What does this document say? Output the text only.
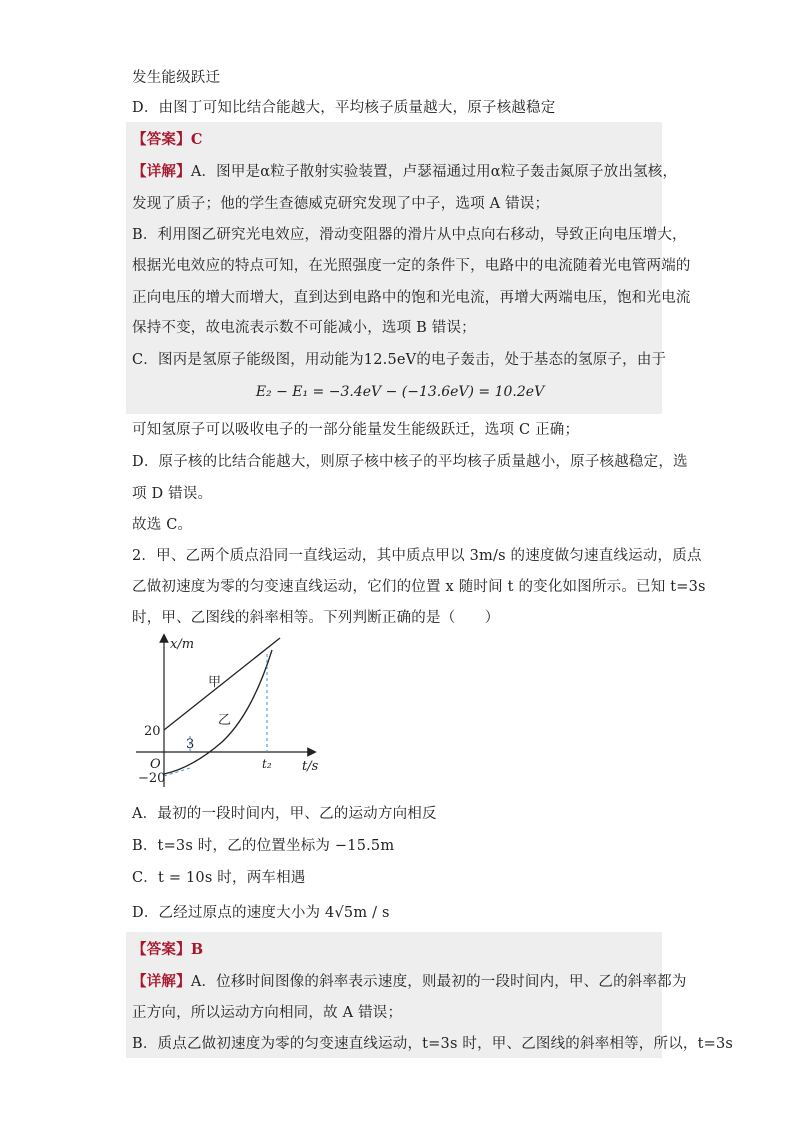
发生能级跃迁
D．由图丁可知比结合能越大，平均核子质量越大，原子核越稳定
【答案】C
【详解】A．图甲是α粒子散射实验装置，卢瑟福通过用α粒子轰击氮原子放出氢核，
发现了质子；他的学生查德威克研究发现了中子，选项 A 错误；
B．利用图乙研究光电效应，滑动变阻器的滑片从中点向右移动，导致正向电压增大，
根据光电效应的特点可知，在光照强度一定的条件下，电路中的电流随着光电管两端的
正向电压的增大而增大，直到达到电路中的饱和光电流，再增大两端电压，饱和光电流
保持不变，故电流表示数不可能减小，选项 B 错误；
C．图丙是氢原子能级图，用动能为12.5eV的电子轰击，处于基态的氢原子，由于
E₂ − E₁ = −3.4eV − (−13.6eV) = 10.2eV
可知氢原子可以吸收电子的一部分能量发生能级跃迁，选项 C 正确；
D．原子核的比结合能越大，则原子核中核子的平均核子质量越小，原子核越稳定，选
项 D 错误。
故选 C。
2．甲、乙两个质点沿同一直线运动，其中质点甲以 3m/s 的速度做匀速直线运动，质点
乙做初速度为零的匀变速直线运动，它们的位置 x 随时间 t 的变化如图所示。已知 t=3s
时，甲、乙图线的斜率相等。下列判断正确的是（　　）
x/m
t/s
O
20
−20
3
t₂
甲
乙
A．最初的一段时间内，甲、乙的运动方向相反
B．t=3s 时，乙的位置坐标为 −15.5m
C．t = 10s 时，两车相遇
D．乙经过原点的速度大小为 4√5m / s
【答案】B
【详解】A．位移时间图像的斜率表示速度，则最初的一段时间内，甲、乙的斜率都为
正方向，所以运动方向相同，故 A 错误；
B．质点乙做初速度为零的匀变速直线运动，t=3s 时，甲、乙图线的斜率相等，所以，t=3s
